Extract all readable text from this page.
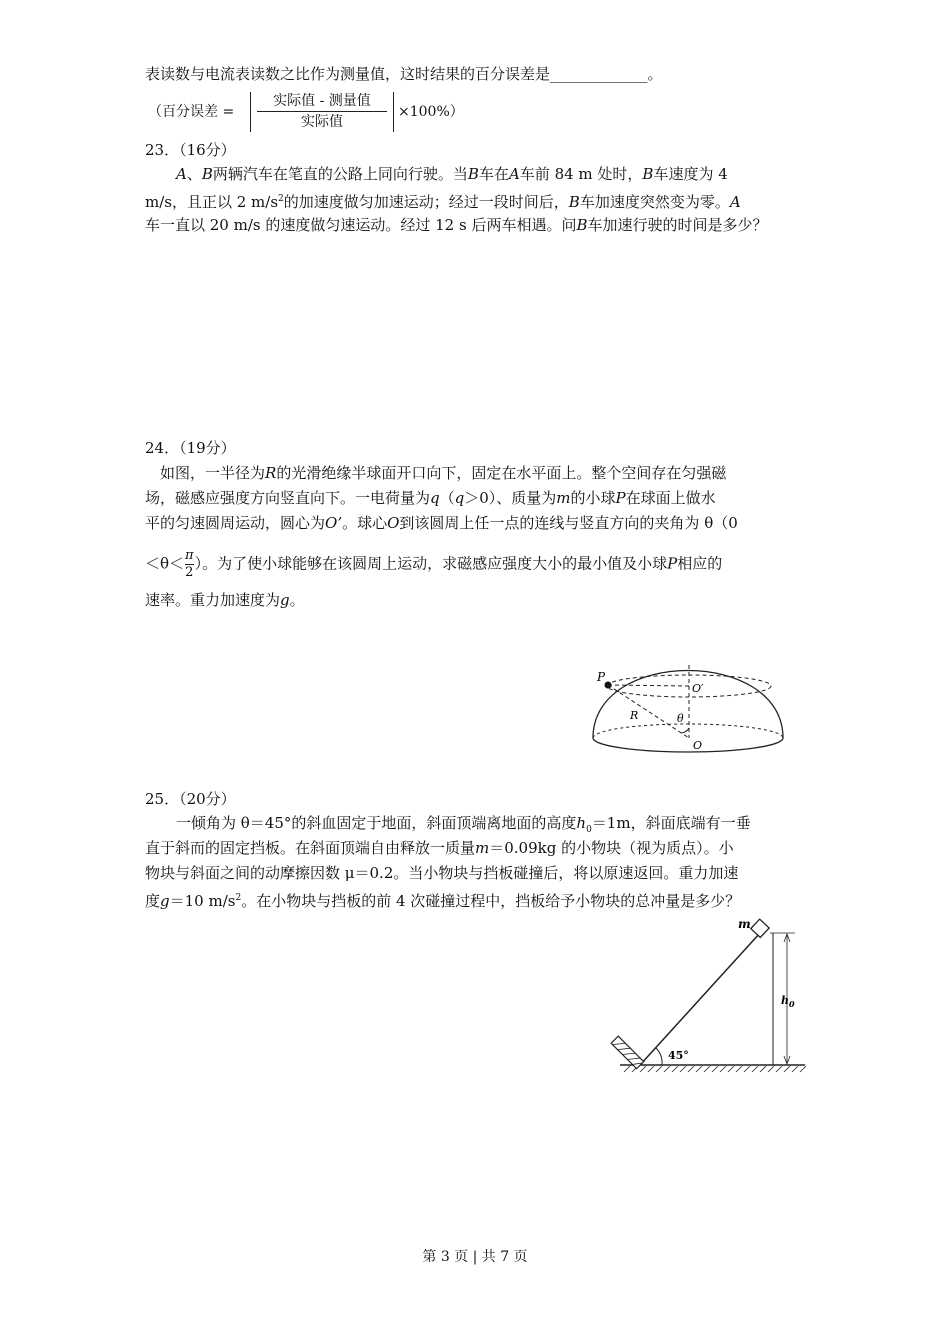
表读数与电流表读数之比作为测量值，这时结果的百分误差是_____________。
（百分误差 =
实际值 - 测量值
实际值
×100%）
23．（16分）
A、B两辆汽车在笔直的公路上同向行驶。当B车在A车前 84 m 处时，B车速度为 4
m/s，且正以 2 $m/s^2$的加速度做匀加速运动；经过一段时间后，B车加速度突然变为零。A
车一直以 20 m/s 的速度做匀速运动。经过 12 s 后两车相遇。问B车加速行驶的时间是多少？
24．（19分）
如图，一半径为R的光滑绝缘半球面开口向下，固定在水平面上。整个空间存在匀强磁
场，磁感应强度方向竖直向下。一电荷量为q（q＞0）、质量为m的小球P在球面上做水
平的匀速圆周运动，圆心为O’。球心O到该圆周上任一点的连线与竖直方向的夹角为 θ（0
$<\theta< \frac{\pi}{2}$ ）。为了使小球能够在该圆周上运动，求磁感应强度大小的最小值及小球P相应的
速率。重力加速度为g。
P
O′
R	θ
O
25．（20分）
一倾角为 θ＝45°的斜血固定于地面，斜面顶端离地面的高度$h_0=1m$，斜面底端有一垂
直于斜而的固定挡板。在斜面顶端自由释放一质量m＝0.09kg 的小物块（视为质点）。小
物块与斜面之间的动摩擦因数 μ＝0.2。当小物块与挡板碰撞后，将以原速返回。重力加速
度g＝10 $m/s^2$。在小物块与挡板的前 4 次碰撞过程中，挡板给予小物块的总冲量是多少？
m
$h_0$
45°
第 3 页 | 共 7 页
